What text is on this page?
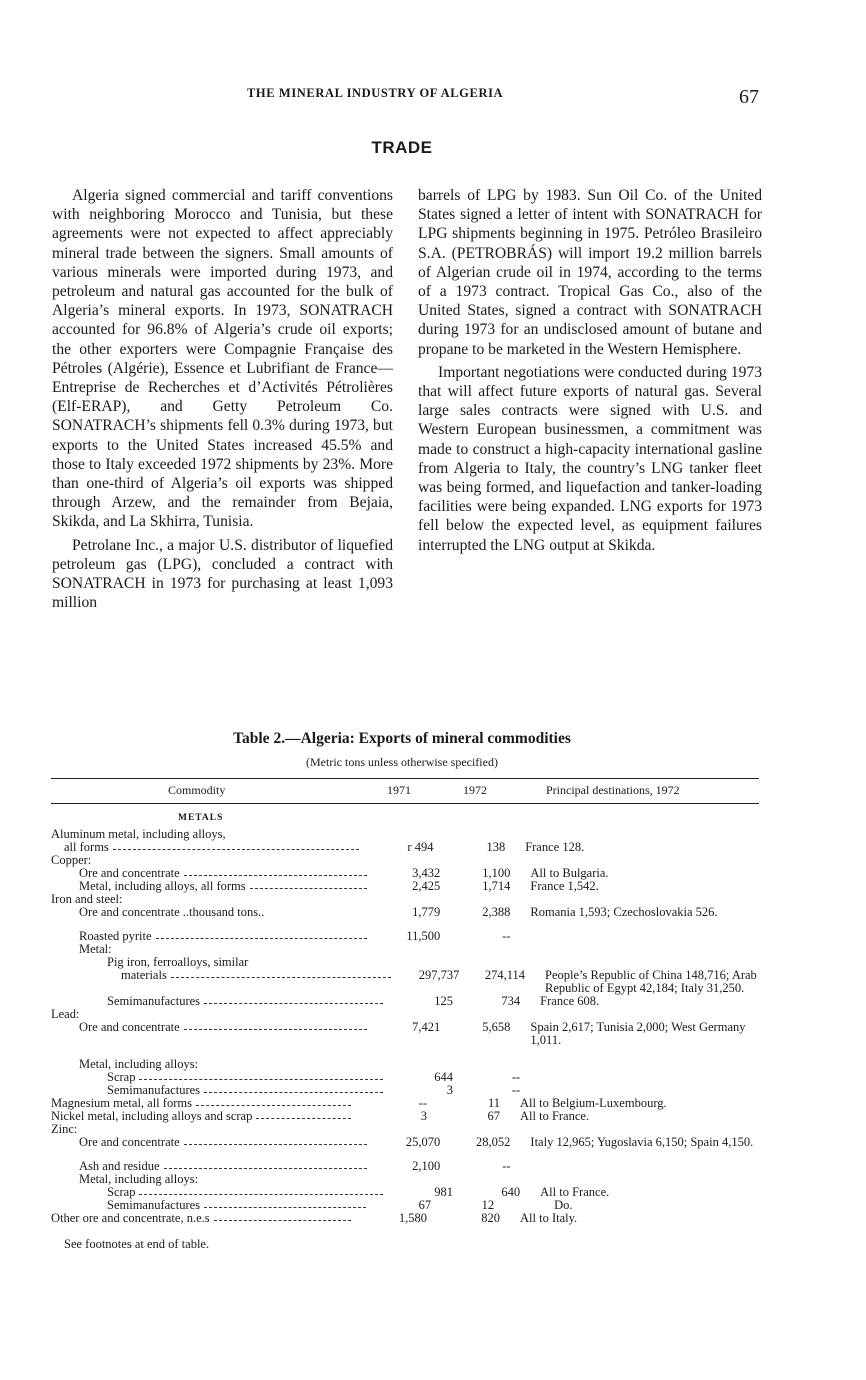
THE MINERAL INDUSTRY OF ALGERIA	67
TRADE

Algeria signed commercial and tariff conventions with neighboring Morocco and Tunisia, but these agreements were not expected to affect appreciably mineral trade between the signers. Small amounts of various minerals were imported during 1973, and petroleum and natural gas accounted for the bulk of Algeria’s mineral exports. In 1973, SONATRACH accounted for 96.8% of Algeria’s crude oil exports; the other exporters were Compagnie Française des Pétroles (Algérie), Essence et Lubrifiant de France—Entreprise de Recherches et d’Activités Pétrolières (Elf-ERAP), and Getty Petroleum Co. SONATRACH’s shipments fell 0.3% during 1973, but exports to the United States increased 45.5% and those to Italy exceeded 1972 shipments by 23%. More than one-third of Algeria’s oil exports was shipped through Arzew, and the remainder from Bejaia, Skikda, and La Skhirra, Tunisia.

Petrolane Inc., a major U.S. distributor of liquefied petroleum gas (LPG), concluded a contract with SONATRACH in 1973 for purchasing at least 1,093 million

barrels of LPG by 1983. Sun Oil Co. of the United States signed a letter of intent with SONATRACH for LPG shipments beginning in 1975. Petróleo Brasileiro S.A. (PETROBRÁS) will import 19.2 million barrels of Algerian crude oil in 1974, according to the terms of a 1973 contract. Tropical Gas Co., also of the United States, signed a contract with SONATRACH during 1973 for an undisclosed amount of butane and propane to be marketed in the Western Hemisphere.

Important negotiations were conducted during 1973 that will affect future exports of natural gas. Several large sales contracts were signed with U.S. and Western European businessmen, a commitment was made to construct a high-capacity international gasline from Algeria to Italy, the country’s LNG tanker fleet was being formed, and liquefaction and tanker-loading facilities were being expanded. LNG exports for 1973 fell below the expected level, as equipment failures interrupted the LNG output at Skikda.

Table 2.—Algeria: Exports of mineral commodities
(Metric tons unless otherwise specified)
Commodity	1971	1972	Principal destinations, 1972
METALS
Aluminum metal, including alloys,
all forms	r 494	138	France 128.
Copper:
Ore and concentrate	3,432	1,100	All to Bulgaria.
Metal, including alloys, all forms	2,425	1,714	France 1,542.
Iron and steel:
Ore and concentrate ..thousand tons..	1,779	2,388	Romania 1,593; Czechoslovakia 526.
Roasted pyrite	11,500	--
Metal:
Pig iron, ferroalloys, similar
materials	297,737	274,114	People’s Republic of China 148,716; Arab Republic of Egypt 42,184; Italy 31,250.
Semimanufactures	125	734	France 608.
Lead:
Ore and concentrate	7,421	5,658	Spain 2,617; Tunisia 2,000; West Germany 1,011.
Metal, including alloys:
Scrap	644	--
Semimanufactures	3	--
Magnesium metal, all forms	--	11	All to Belgium-Luxembourg.
Nickel metal, including alloys and scrap	3	67	All to France.
Zinc:
Ore and concentrate	25,070	28,052	Italy 12,965; Yugoslavia 6,150; Spain 4,150.
Ash and residue	2,100	--
Metal, including alloys:
Scrap	981	640	All to France.
Semimanufactures	67	12	Do.
Other ore and concentrate, n.e.s	1,580	820	All to Italy.
See footnotes at end of table.
